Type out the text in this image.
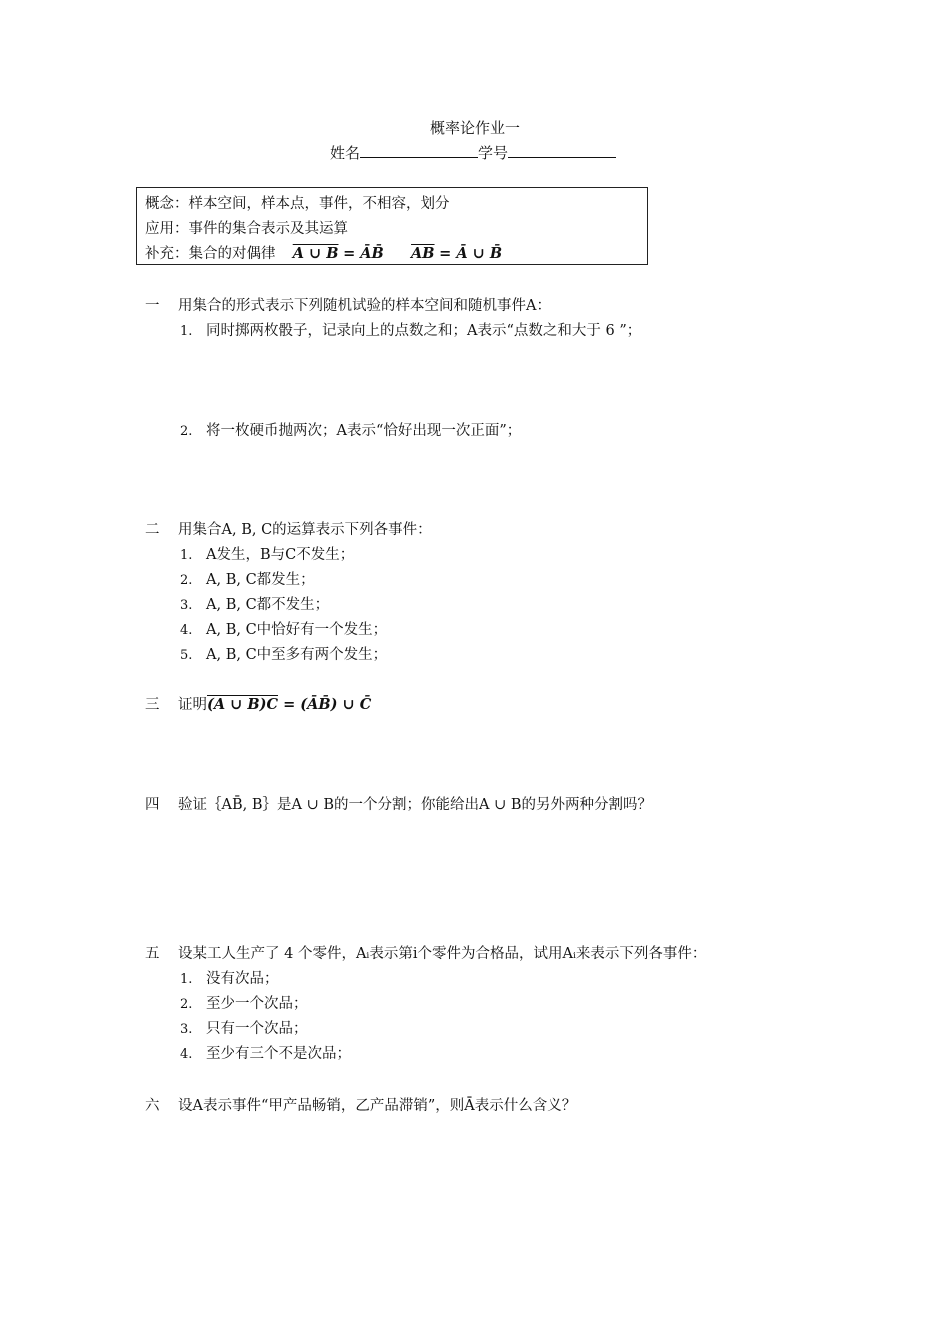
概率论作业一
姓名	学号
概念：样本空间，样本点，事件，不相容，划分
应用：事件的集合表示及其运算
补充：集合的对偶律 A ∪ B = ĀB̄ $\overline{AB}$ = Ā ∪ B̄
一 用集合的形式表示下列随机试验的样本空间和随机事件A：
1. 同时掷两枚骰子，记录向上的点数之和；A表示“点数之和大于 6 ”；
2. 将一枚硬币抛两次；A表示“恰好出现一次正面”；
二 用集合A, B, C的运算表示下列各事件：
1. A发生，B与C不发生；
2. A, B, C都发生；
3. A, B, C都不发生；
4. A, B, C中恰好有一个发生；
5. A, B, C中至多有两个发生；
三 证明(A ∪ B)C = (ĀB̄) ∪ C̄
四 验证｛AB̄, B｝是A ∪ B的一个分割；你能给出A ∪ B的另外两种分割吗？
五 设某工人生产了 4 个零件，Aᵢ表示第i个零件为合格品，试用Aᵢ来表示下列各事件：
1. 没有次品；
2. 至少一个次品；
3. 只有一个次品；
4. 至少有三个不是次品；
六 设A表示事件“甲产品畅销，乙产品滞销”，则Ā表示什么含义？
